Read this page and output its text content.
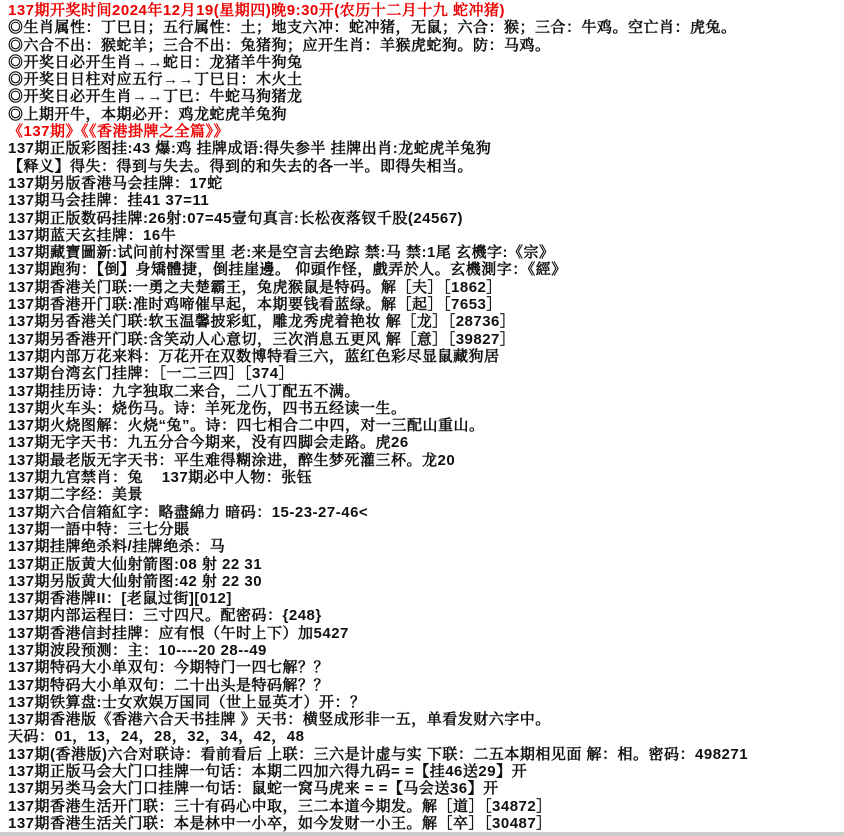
137期开奖时间2024年12月19(星期四)晚9:30开(农历十二月十九 蛇冲猪)
◎生肖属性：丁巳日；五行属性：土；地支六冲：蛇冲猪，无鼠；六合：猴；三合：牛鸡。空亡肖：虎兔。
◎六合不出：猴蛇羊；三合不出：兔猪狗；应开生肖：羊猴虎蛇狗。防：马鸡。
◎开奖日必开生肖→→蛇日：龙猪羊牛狗兔
◎开奖日日柱对应五行→→丁巳日：木火土
◎开奖日必开生肖→→丁巳：牛蛇马狗猪龙
◎上期开牛，本期必开：鸡龙蛇虎羊兔狗
《137期》《《香港掛牌之全篇》》
137期正版彩图挂:43 爆:鸡 挂牌成语:得失参半 挂牌出肖:龙蛇虎羊兔狗
【释义】得失：得到与失去。得到的和失去的各一半。即得失相当。
137期另版香港马会挂牌：17蛇
137期马会挂牌：挂41 37=11
137期正版数码挂牌:26射:07=45壹句真言:长松夜落钗千股(24567)
137期蓝天玄挂牌：16牛
137期藏寶圖新:试问前村深雪里 老:来是空言去绝踪 禁:马 禁:1尾 玄機字:《宗》
137期跑狗：【倒】身矯體捷，倒挂崖邊。 仰頭作怪，戲弄於人。玄機測字：《經》
137期香港关门联:一勇之夫楚霸王，兔虎猴鼠是特码。解［夫］［1862］
137期香港开门联:准时鸡啼催早起，本期要钱看蓝绿。解［起］［7653］
137期另香港关门联:软玉温馨披彩虹，雕龙秀虎着艳妆 解［龙］［28736］
137期另香港开门联:含笑动人心意切，三次消息五更风 解［意］［39827］
137期内部万花来料：万花开在双数博特看三六，蓝红色彩尽显鼠藏狗居
137期台湾玄门挂牌：［一二三四］［374］
137期挂历诗：九字独取二来合，二八丁配五不满。
137期火车头：烧伤马。诗：羊死龙伤，四书五经读一生。
137期火烧图解：火烧“兔”。诗：四七相合二中四，对一三配山重山。
137期无字天书：九五分合今期来，没有四脚会走路。虎26
137期最老版无字天书：平生难得糊涂进，醉生梦死灌三杯。龙20
137期九宫禁肖：兔    137期必中人物：张钰
137期二字经：美景
137期六合信箱紅字：略盡綿力 暗码：15-23-27-46<
137期一語中特：三七分賬
137期挂牌绝杀料/挂牌绝杀：马
137期正版黄大仙射箭图:08 射 22 31
137期另版黄大仙射箭图:42 射 22 30
137期香港牌II：[老鼠过街][012]
137期内部运程曰：三寸四尺。配密码：{248}
137期香港信封挂牌：应有恨（午时上下）加5427
137期波段预测：主：10----20 28--49
137期特码大小单双句：今期特门一四七解？？
137期特码大小单双句：二十出头是特码解？？
137期铁算盘:士女欢娱万国同（世上显英才）开：？
137期香港版《香港六合天书挂牌 》天书：横竖成形非一五，单看发财六字中。
天码：01，13，24，28，32，34，42，48
137期(香港版)六合对联诗：看前看后 上联：三六是计虚与实 下联：二五本期相见面 解：相。密码：498271
137期正版马会大门口挂牌一句话：本期二四加六得九码= =【挂46送29】开
137期另类马会大门口挂牌一句话：鼠蛇一窝马虎来 = =【马会送36】开
137期香港生活开门联：三十有码心中取，三二本道今期发。解［道］［34872］
137期香港生活关门联：本是林中一小卒，如今发财一小王。解［卒］［30487］
